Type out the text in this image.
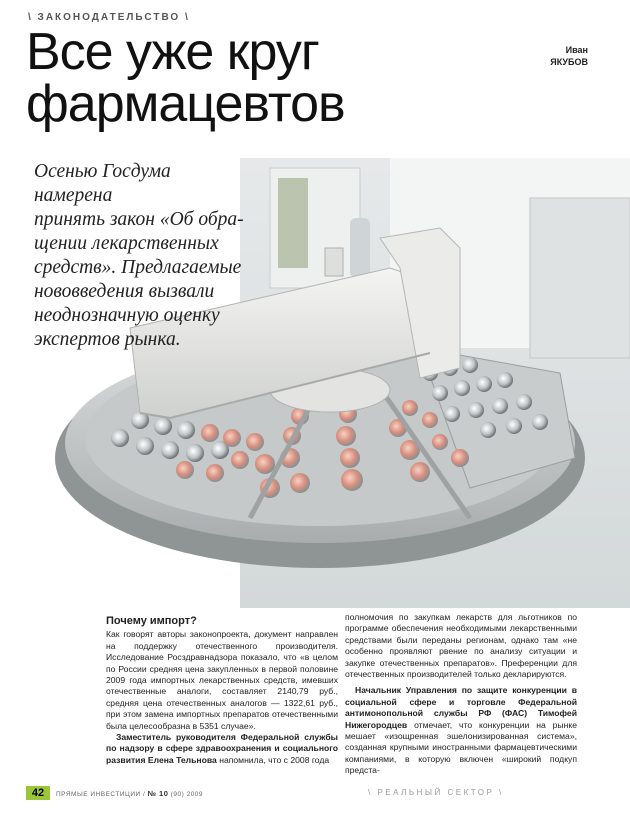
\ ЗАКОНОДАТЕЛЬСТВО \
Все уже круг
фармацевтов
Иван
ЯКУБОВ

Осенью Госдума намерена
принять закон «Об обра-
щении лекарственных
средств». Предлагаемые
нововведения вызвали
неоднозначную оценку
экспертов рынка.

Почему импорт?

Как говорят авторы законопроекта, документ направлен на поддержку отечественного производителя. Исследование Росздравнадзора показало, что «в целом по России средняя цена закупленных в первой половине 2009 года импортных лекарственных средств, имевших отечественные аналоги, составляет 2140,79 руб., средняя цена отечественных аналогов — 1322,61 руб., при этом замена импортных препаратов отечественными была целесообразна в 5351 случае».

Заместитель руководителя Федеральной службы по надзору в сфере здравоохранения и социального развития Елена Тельнова напомнила, что с 2008 года

полномочия по закупкам лекарств для льготников по программе обеспечения необходимыми лекарственными средствами были переданы регионам, однако там «не особенно проявляют рвение по анализу ситуации и закупке отечественных препаратов». Преференции для отечественных производителей только декларируются.

Начальник Управления по защите конкуренции в социальной сфере и торговле Федеральной антимонопольной службы РФ (ФАС) Тимофей Нижегородцев отмечает, что конкуренции на рынке мешает «изощренная эшелонизированная система», созданная крупными иностранными фармацевтическими компаниями, в которую включен «широкий подкуп предста-

42	ПРЯМЫЕ ИНВЕСТИЦИИ / № 10 (90) 2009	\ РЕАЛЬНЫЙ СЕКТОР \
